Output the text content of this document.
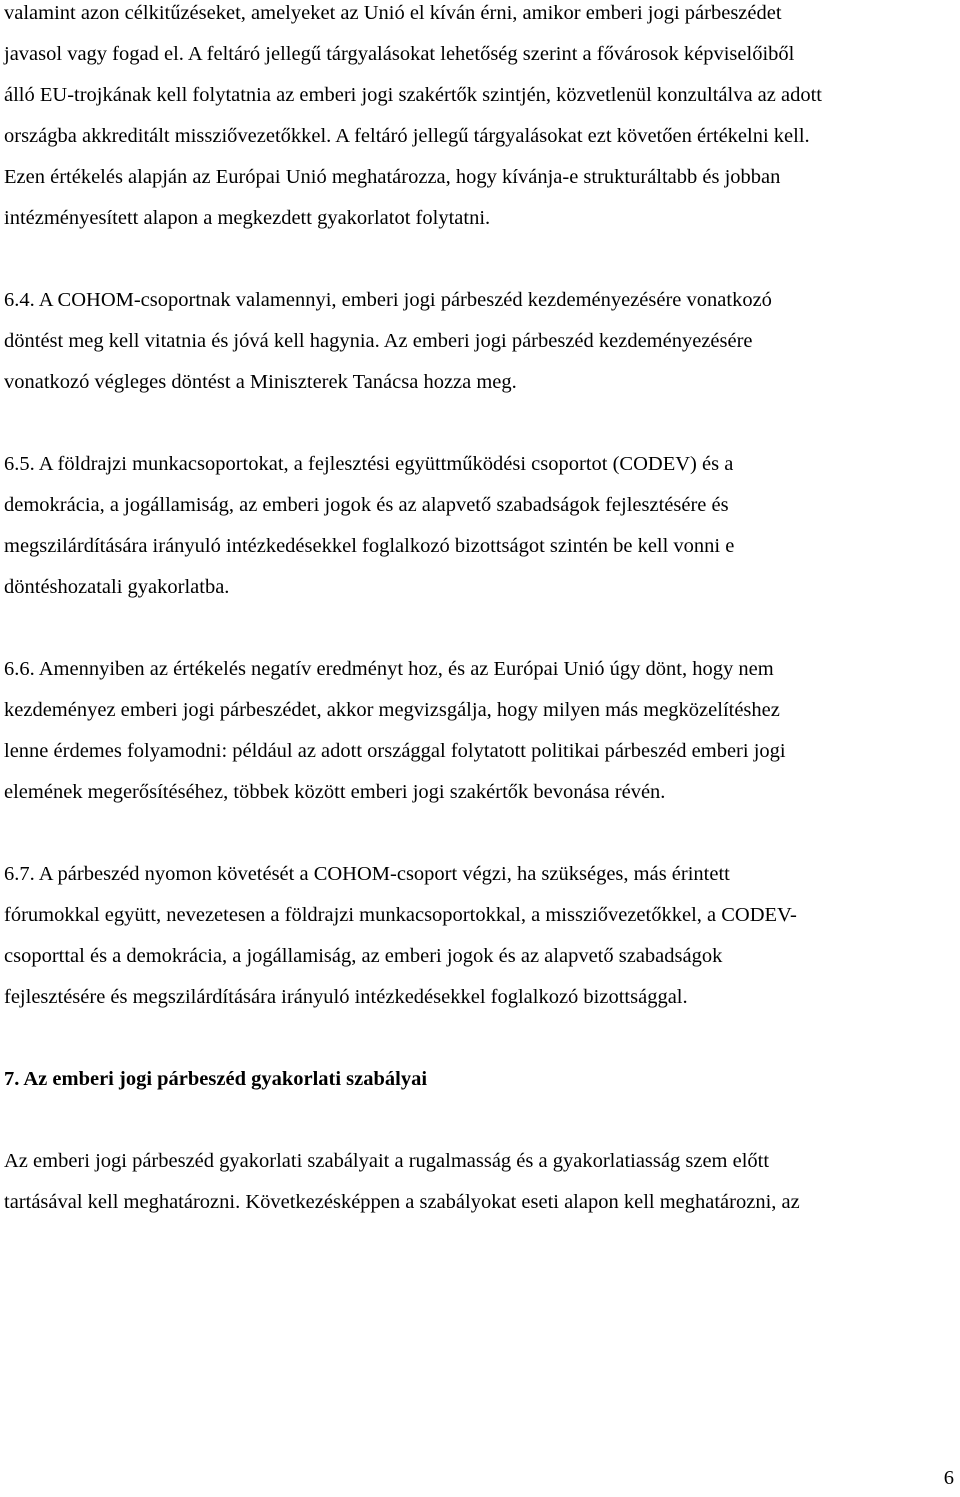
valamint azon célkitűzéseket, amelyeket az Unió el kíván érni, amikor emberi jogi párbeszédet

javasol vagy fogad el. A feltáró jellegű tárgyalásokat lehetőség szerint a fővárosok képviselőiből

álló EU-trojkának kell folytatnia az emberi jogi szakértők szintjén, közvetlenül konzultálva az adott

országba akkreditált missziővezetőkkel. A feltáró jellegű tárgyalásokat ezt követően értékelni kell.

Ezen értékelés alapján az Európai Unió meghatározza, hogy kívánja-e strukturáltabb és jobban

intézményesített alapon a megkezdett gyakorlatot folytatni.

6.4. A COHOM-csoportnak valamennyi, emberi jogi párbeszéd kezdeményezésére vonatkozó

döntést meg kell vitatnia és jóvá kell hagynia. Az emberi jogi párbeszéd kezdeményezésére

vonatkozó végleges döntést a Miniszterek Tanácsa hozza meg.

6.5. A földrajzi munkacsoportokat, a fejlesztési együttműködési csoportot (CODEV) és a

demokrácia, a jogállamiság, az emberi jogok és az alapvető szabadságok fejlesztésére és

megszilárdítására irányuló intézkedésekkel foglalkozó bizottságot szintén be kell vonni e

döntéshozatali gyakorlatba.

6.6. Amennyiben az értékelés negatív eredményt hoz, és az Európai Unió úgy dönt, hogy nem

kezdeményez emberi jogi párbeszédet, akkor megvizsgálja, hogy milyen más megközelítéshez

lenne érdemes folyamodni: például az adott országgal folytatott politikai párbeszéd emberi jogi

elemének megerősítéséhez, többek között emberi jogi szakértők bevonása révén.

6.7. A párbeszéd nyomon követését a COHOM-csoport végzi, ha szükséges, más érintett

fórumokkal együtt, nevezetesen a földrajzi munkacsoportokkal, a missziővezetőkkel, a CODEV-

csoporttal és a demokrácia, a jogállamiság, az emberi jogok és az alapvető szabadságok

fejlesztésére és megszilárdítására irányuló intézkedésekkel foglalkozó bizottsággal.

7. Az emberi jogi párbeszéd gyakorlati szabályai

Az emberi jogi párbeszéd gyakorlati szabályait a rugalmasság és a gyakorlatiasság szem előtt

tartásával kell meghatározni. Következésképpen a szabályokat eseti alapon kell meghatározni, az

6
